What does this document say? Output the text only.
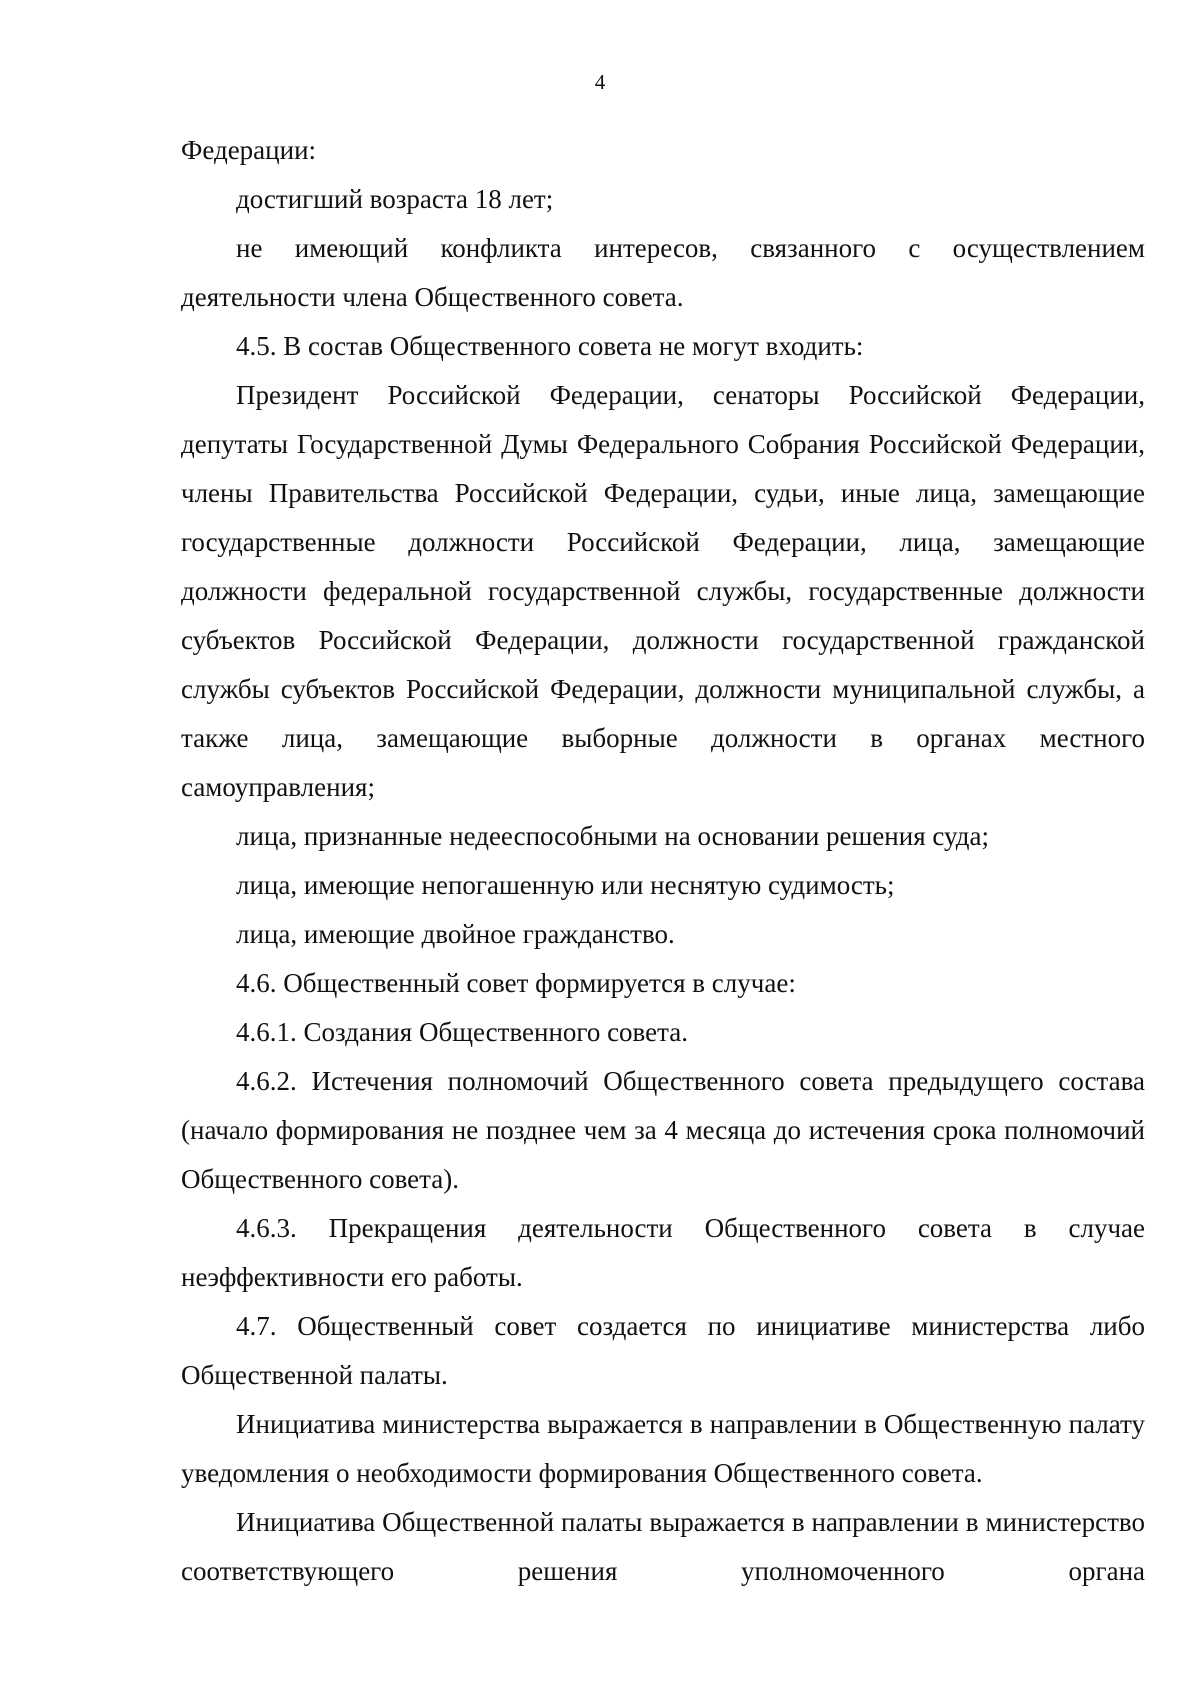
4

Федерации:

достигший возраста 18 лет;

не имеющий конфликта интересов, связанного с осуществлением деятельности члена Общественного совета.

4.5. В состав Общественного совета не могут входить:

Президент Российской Федерации, сенаторы Российской Федерации, депутаты Государственной Думы Федерального Собрания Российской Федерации, члены Правительства Российской Федерации, судьи, иные лица, замещающие государственные должности Российской Федерации, лица, замещающие должности федеральной государственной службы, государственные должности субъектов Российской Федерации, должности государственной гражданской службы субъектов Российской Федерации, должности муниципальной службы, а также лица, замещающие выборные должности в органах местного самоуправления;

лица, признанные недееспособными на основании решения суда;

лица, имеющие непогашенную или неснятую судимость;

лица, имеющие двойное гражданство.

4.6. Общественный совет формируется в случае:

4.6.1. Создания Общественного совета.

4.6.2. Истечения полномочий Общественного совета предыдущего состава (начало формирования не позднее чем за 4 месяца до истечения срока полномочий Общественного совета).

4.6.3. Прекращения деятельности Общественного совета в случае неэффективности его работы.

4.7. Общественный совет создается по инициативе министерства либо Общественной палаты.

Инициатива министерства выражается в направлении в Общественную палату уведомления о необходимости формирования Общественного совета.

Инициатива Общественной палаты выражается в направлении в министерство соответствующего решения уполномоченного органа
